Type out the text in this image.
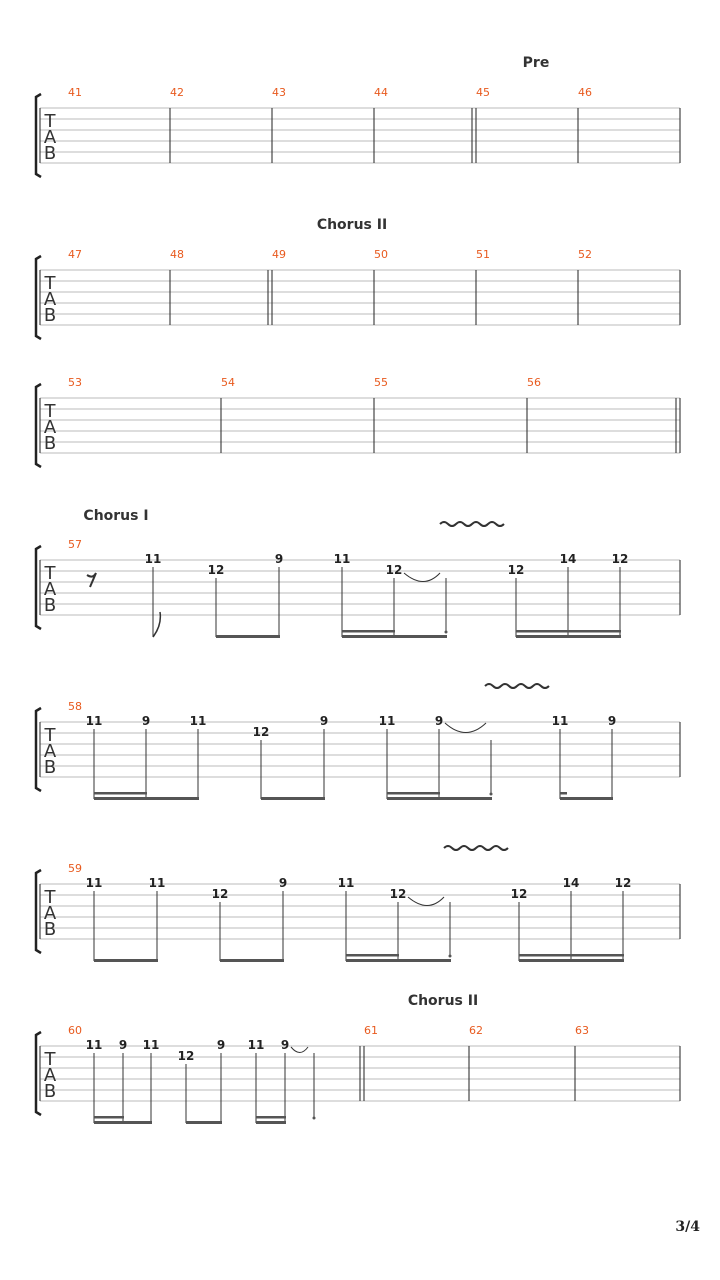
Pre
Chorus II
Chorus I
Chorus II
T
A
B
T
A
B
T
A
B
T
A
B
T
A
B
T
A
B
T
A
B
41	42	43	44	45	46
47	48	49	50	51	52
53	54	55	56
57
58
59
60	61	62	63
11
12
9	11
12	12
14	12
11	9	11
12
9	11	9	11	9
11	11
12
9	11
12	12
14	12
11 9 11
12
9 11 9
3/4
